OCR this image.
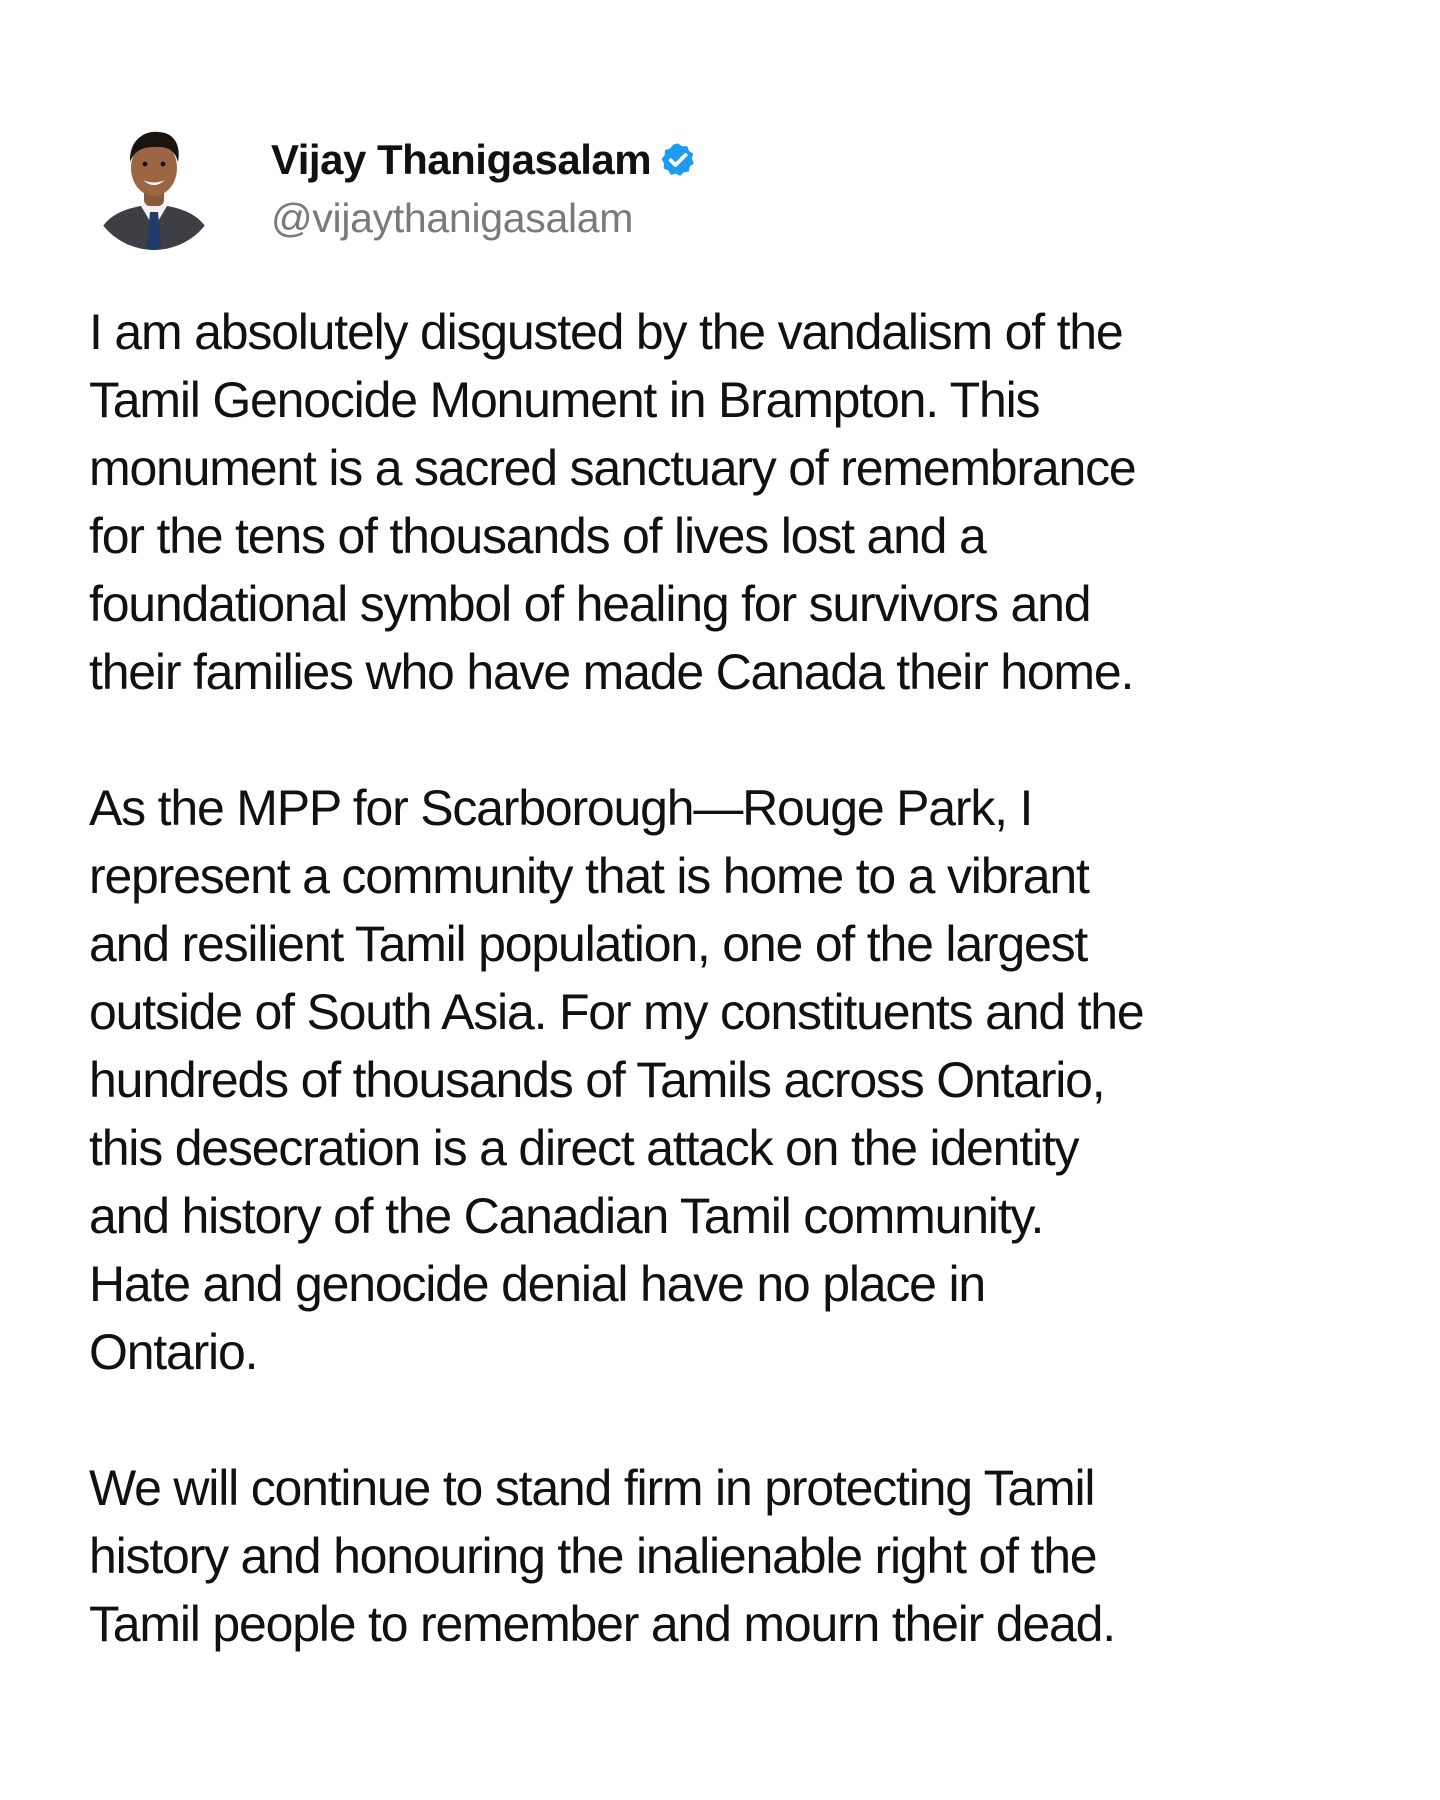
Vijay Thanigasalam
@vijaythanigasalam

I am absolutely disgusted by the vandalism of the
Tamil Genocide Monument in Brampton. This
monument is a sacred sanctuary of remembrance
for the tens of thousands of lives lost and a
foundational symbol of healing for survivors and
their families who have made Canada their home.

As the MPP for Scarborough—Rouge Park, I
represent a community that is home to a vibrant
and resilient Tamil population, one of the largest
outside of South Asia. For my constituents and the
hundreds of thousands of Tamils across Ontario,
this desecration is a direct attack on the identity
and history of the Canadian Tamil community.
Hate and genocide denial have no place in
Ontario.

We will continue to stand firm in protecting Tamil
history and honouring the inalienable right of the
Tamil people to remember and mourn their dead.
